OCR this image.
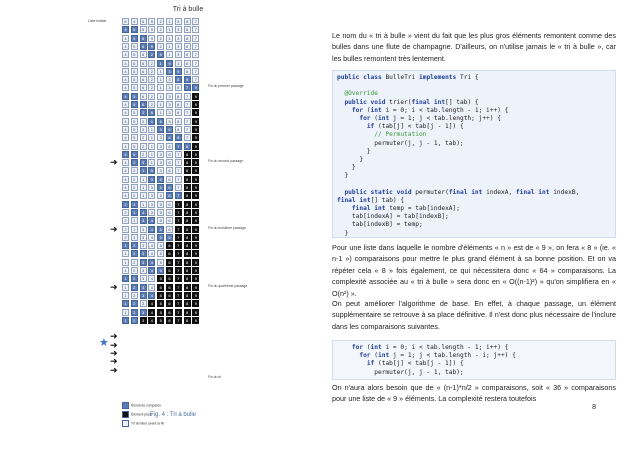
Tri à bulle
Liste initiale	6	4	5	9	2	1	3	8	7
4	6	5	9	2	1	3	8	7
4	5	6	9	2	1	3	8	7
4	5	6	9	2	1	3	8	7
4	5	6	2	9	1	3	8	7
4	5	6	2	1	9	3	8	7
4	5	6	2	1	3	9	8	7
4	5	6	2	1	3	8	9	7
4	5	6	2	1	3	8	7	9
4	5	6	2	1	3	8	7	9
4	5	6	2	1	3	8	7	9
4	5	2	6	1	3	8	7	9
4	5	2	1	6	3	8	7	9
4	5	2	1	3	6	8	7	9
4	5	2	1	3	6	8	7	9
4	5	2	1	3	6	7	8	9
4	5	2	1	3	6	7	8	9
4	2	5	1	3	6	7	8	9
4	2	1	5	3	6	7	8	9
4	2	1	3	5	6	7	8	9
4	2	1	3	5	6	7	8	9
4	2	1	3	5	6	7	8	9
2	4	1	3	5	6	7	8	9
2	1	4	3	5	6	7	8	9
2	1	3	4	5	6	7	8	9
2	1	3	4	5	6	7	8	9
2	1	3	4	5	6	7	8	9
1	2	3	4	5	6	7	8	9
1	2	3	4	5	6	7	8	9
1	2	3	4	5	6	7	8	9
1	2	3	4	5	6	7	8	9
1	2	3	4	5	6	7	8	9
1	2	3	4	5	6	7	8	9
1	2	3	4	5	6	7	8	9
1	2	3	4	5	6	7	8	9
1	2	3	4	5	6	7	8	9
1	2	3	4	5	6	7	8	9
Fin du premier passage
Fin du second passage
Fin du troisième passage
Fin du quatrième passage
Fin du tri
➜
➜
➜
➜
➜
➜
➜
➜
★
Éléments comparés
Élément placé
Tri terminé avant la fin
Fig. 4 : Tri à bulle

Le nom du « tri à bulle » vient du fait que les plus gros éléments remontent comme des bulles dans une flute de champagne. D'ailleurs, on n'utilise jamais le « tri à bulle », car les bulles remontent très lentement.

public class BulleTri implements Tri {

@Override
public void trier(final int[] tab) {
for (int i = 0; i < tab.length - 1; i++) {
for (int j = 1; j < tab.length; j++) {
if (tab[j] < tab[j - 1]) {
// Permutation
permuter(j, j - 1, tab);
}
}
}
}

public static void permuter(final int indexA, final int indexB,
final int[] tab) {
final int temp = tab[indexA];
tab[indexA] = tab[indexB];
tab[indexB] = temp;
}

Pour une liste dans laquelle le nombre d'éléments « n » est de « 9 », on fera « 8 » (ie. « n-1 ») comparaisons pour mettre le plus grand élément à sa bonne position. Et on va répéter cela « 8 » fois également, ce qui nécessitera donc « 64 » comparaisons. La complexité associée au « tri à bulle » sera donc en « O((n-1)²) » qu'on simplifiera en « O(n²) ».

On peut améliorer l'algorithme de base. En effet, à chaque passage, un élément supplémentaire se retrouve à sa place définitive. Il n'est donc plus nécessaire de l'inclure dans les comparaisons suivantes.

for (int i = 0; i < tab.length - 1; i++) {
for (int j = 1; j < tab.length - i; j++) {
if (tab[j] < tab[j - 1]) {
permuter(j, j - 1, tab);

On n'aura alors besoin que de « (n-1)*n/2 » comparaisons, soit « 36 » comparaisons pour une liste de « 9 » éléments. La complexité restera toutefois

8
